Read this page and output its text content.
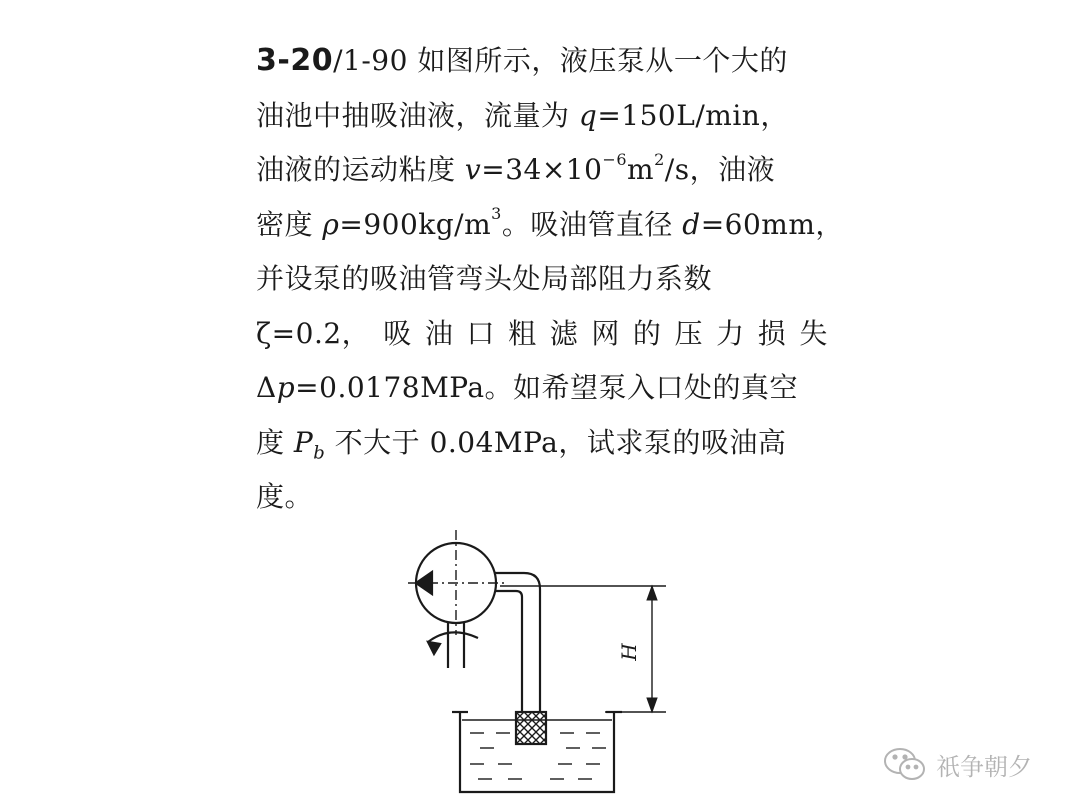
3-20/1-90 如图所示，液压泵从一个大的
油池中抽吸油液，流量为 q=150L/min，
油液的运动粘度 $v=34\times 10^{-6}m^2/s$，油液
密度 $\rho=900kg/m^3$。吸油管直径 d=60mm，
并设泵的吸油管弯头处局部阻力系数
ζ=0.2， 吸 油 口 粗 滤 网 的 压 力 损 失
Δp=0.0178MPa。如希望泵入口处的真空
度 $P_b$ 不大于 0.04MPa，试求泵的吸油高
度。
H
祇争朝夕
